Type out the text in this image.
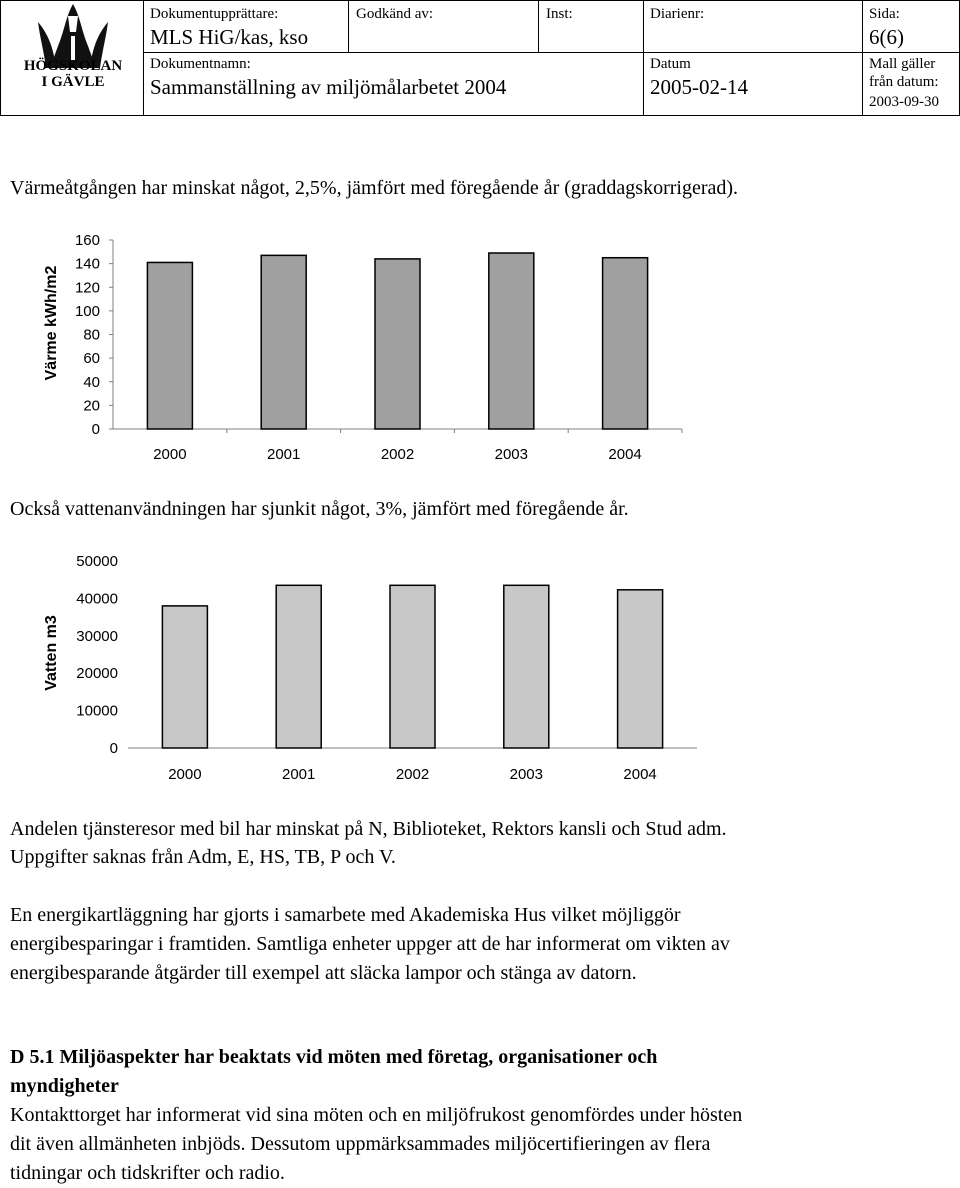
HÖGSKOLAN
I GÄVLE
Dokumentupprättare:
MLS HiG/kas, kso
Godkänd av:	Inst:	Diarienr:	Sida:
6(6)
Dokumentnamn:
Sammanställning av miljömålarbetet 2004
Datum
2005-02-14
Mall gäller
från datum:
2003-09-30
Värmeåtgången har minskat något, 2,5%, jämfört med föregående år (graddagskorrigerad).
0
20
40
60
80
100
120
140
160
2000	2001	2002	2003	2004
Värme kWh/m2
Också vattenanvändningen har sjunkit något, 3%, jämfört med föregående år.
0
10000
20000
30000
40000
50000
2000	2001	2002	2003	2004
Vatten m3
Andelen tjänsteresor med bil har minskat på N, Biblioteket, Rektors kansli och Stud adm.
Uppgifter saknas från Adm, E, HS, TB, P och V.
En energikartläggning har gjorts i samarbete med Akademiska Hus vilket möjliggör
energibesparingar i framtiden. Samtliga enheter uppger att de har informerat om vikten av
energibesparande åtgärder till exempel att släcka lampor och stänga av datorn.
D 5.1 Miljöaspekter har beaktats vid möten med företag, organisationer och
myndigheter
Kontakttorget har informerat vid sina möten och en miljöfrukost genomfördes under hösten
dit även allmänheten inbjöds. Dessutom uppmärksammades miljöcertifieringen av flera
tidningar och tidskrifter och radio.
